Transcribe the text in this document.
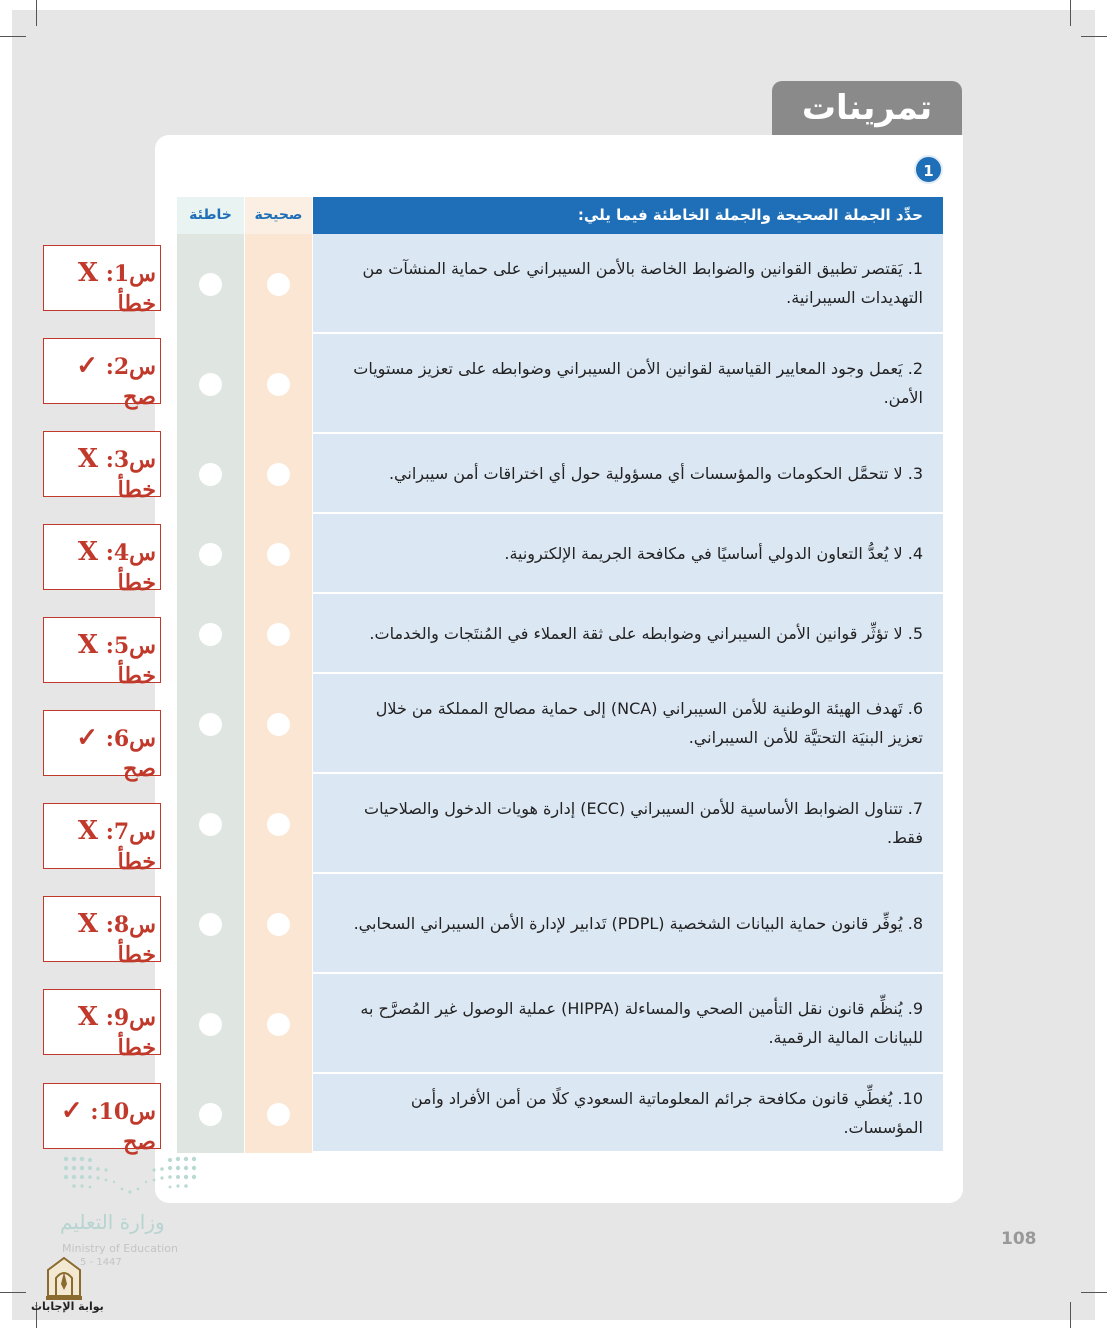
تمرينات
1
حدِّد الجملة الصحيحة والجملة الخاطئة فيما يلي:
صحيحة
خاطئة
1. يَقتصر تطبيق القوانين والضوابط الخاصة بالأمن السيبراني على حماية المنشآت من التهديدات السيبرانية.
2. يَعمل وجود المعايير القياسية لقوانين الأمن السيبراني وضوابطه على تعزيز مستويات الأمن.
3. لا تتحمَّل الحكومات والمؤسسات أي مسؤولية حول أي اختراقات أمن سيبراني.
4. لا يُعدُّ التعاون الدولي أساسيًا في مكافحة الجريمة الإلكترونية.
5. لا تؤثِّر قوانين الأمن السيبراني وضوابطه على ثقة العملاء في المُنتَجات والخدمات.
6. تَهدف الهيئة الوطنية للأمن السيبراني (NCA) إلى حماية مصالح المملكة من خلال تعزيز البنيَة التحتيَّة للأمن السيبراني.
7. تتناول الضوابط الأساسية للأمن السيبراني (ECC) إدارة هويات الدخول والصلاحيات فقط.
8. يُوفِّر قانون حماية البيانات الشخصية (PDPL) تَدابير لإدارة الأمن السيبراني السحابي.
9. يُنظِّم قانون نقل التأمين الصحي والمساءلة (HIPPA) عملية الوصول غير المُصرَّح به للبيانات المالية الرقمية.
10. يُغطِّي قانون مكافحة جرائم المعلوماتية السعودي كلًا من أمن الأفراد وأمن المؤسسات.
س1: X خطأ
س2: ✓ صح
س3: X خطأ
س4: X خطأ
س5: X خطأ
س6: ✓ صح
س7: X خطأ
س8: X خطأ
س9: X خطأ
س10: ✓ صح
وزارة التعليم
Ministry of Education
5 - 1447
108
بوابة الإجابات
